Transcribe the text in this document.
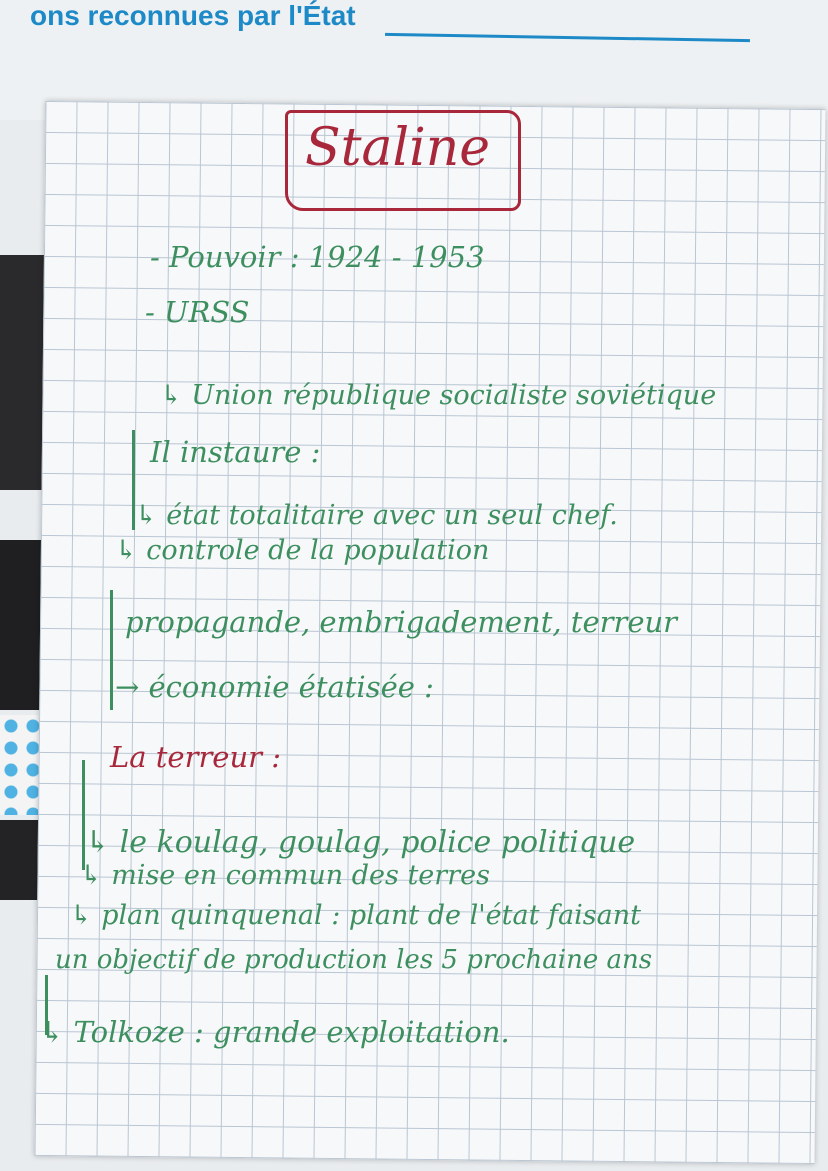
ons reconnues par l'État
Staline
- Pouvoir : 1924 - 1953
- URSS
↳ Union république socialiste soviétique
Il instaure :
↳ état totalitaire avec un seul chef.
↳ controle de la population
propagande, embrigadement, terreur
→ économie étatisée :
La terreur :
↳ le koulag, goulag, police politique
↳ mise en commun des terres
↳ plan quinquenal : plant de l'état faisant
un objectif de production les 5 prochaine ans
↳ Tolkoze : grande exploitation.
